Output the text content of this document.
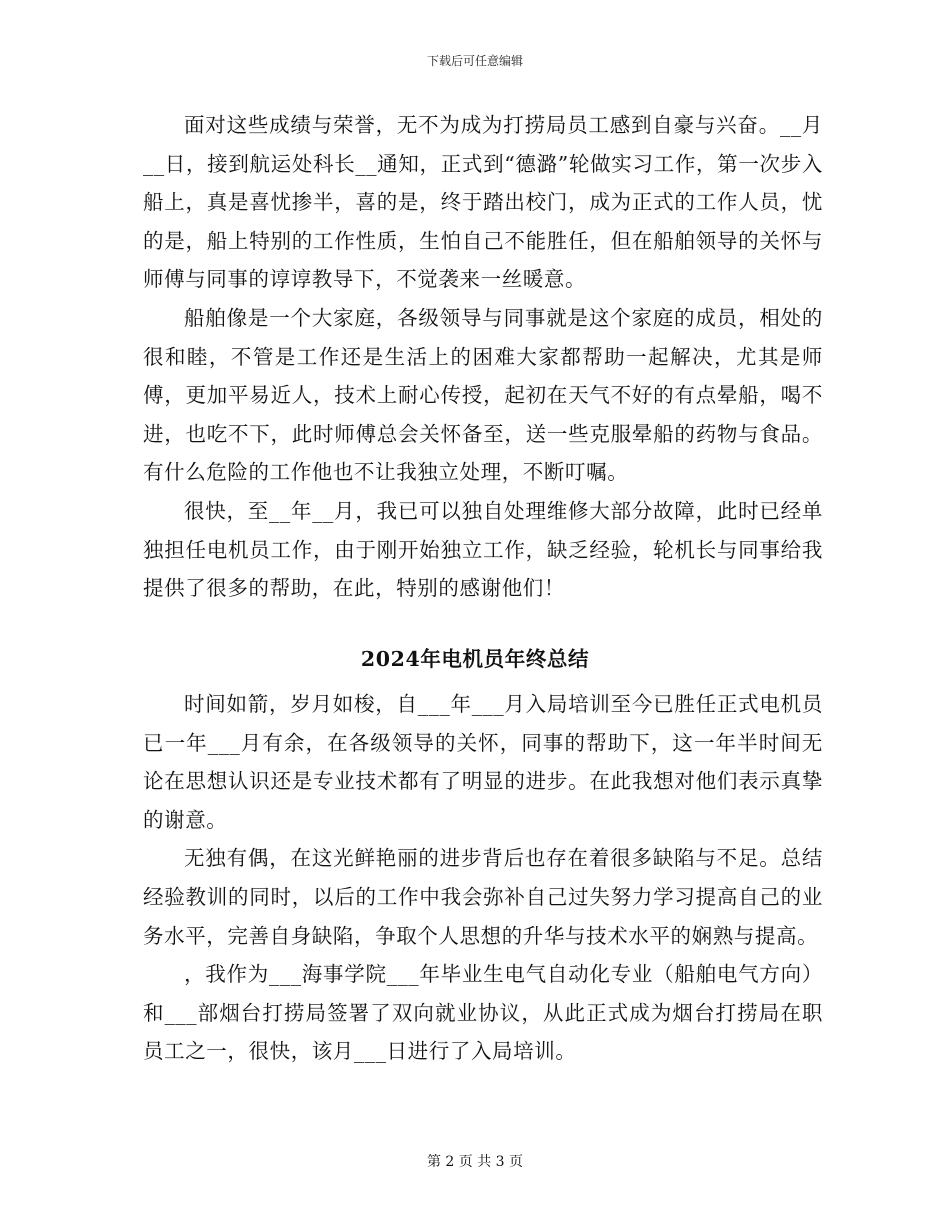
下载后可任意编辑

面对这些成绩与荣誉，无不为成为打捞局员工感到自豪与兴奋。__月__日，接到航运处科长__通知，正式到“德潞”轮做实习工作，第一次步入船上，真是喜忧掺半，喜的是，终于踏出校门，成为正式的工作人员，忧的是，船上特别的工作性质，生怕自己不能胜任，但在船舶领导的关怀与师傅与同事的谆谆教导下，不觉袭来一丝暖意。

船舶像是一个大家庭，各级领导与同事就是这个家庭的成员，相处的很和睦，不管是工作还是生活上的困难大家都帮助一起解决，尤其是师傅，更加平易近人，技术上耐心传授，起初在天气不好的有点晕船，喝不进，也吃不下，此时师傅总会关怀备至，送一些克服晕船的药物与食品。有什么危险的工作他也不让我独立处理，不断叮嘱。

很快，至__年__月，我已可以独自处理维修大部分故障，此时已经单独担任电机员工作，由于刚开始独立工作，缺乏经验，轮机长与同事给我提供了很多的帮助，在此，特别的感谢他们！

2024年电机员年终总结

时间如箭，岁月如梭，自___年___月入局培训至今已胜任正式电机员已一年___月有余，在各级领导的关怀，同事的帮助下，这一年半时间无论在思想认识还是专业技术都有了明显的进步。在此我想对他们表示真挚的谢意。

无独有偶，在这光鲜艳丽的进步背后也存在着很多缺陷与不足。总结经验教训的同时，以后的工作中我会弥补自己过失努力学习提高自己的业务水平，完善自身缺陷，争取个人思想的升华与技术水平的娴熟与提高。

，我作为___海事学院___年毕业生电气自动化专业（船舶电气方向）和___部烟台打捞局签署了双向就业协议，从此正式成为烟台打捞局在职员工之一，很快，该月___日进行了入局培训。

第 2 页 共 3 页
